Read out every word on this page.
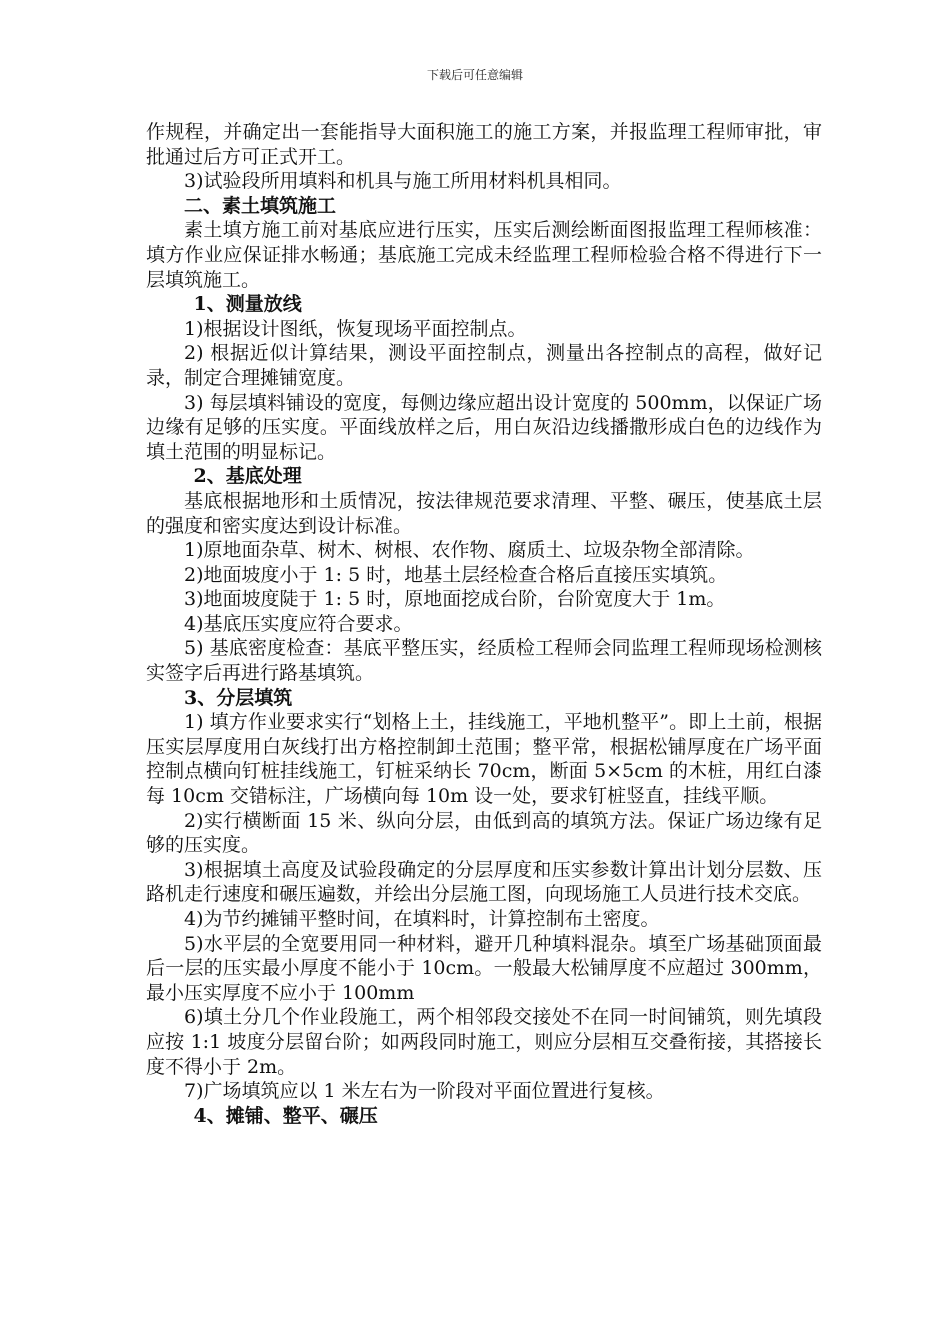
下载后可任意编辑

作规程，并确定出一套能指导大面积施工的施工方案，并报监理工程师审批，审批通过后方可正式开工。

3)试验段所用填料和机具与施工所用材料机具相同。

二、素土填筑施工

素土填方施工前对基底应进行压实，压实后测绘断面图报监理工程师核准：填方作业应保证排水畅通；基底施工完成未经监理工程师检验合格不得进行下一层填筑施工。

1、测量放线

1)根据设计图纸，恢复现场平面控制点。

2) 根据近似计算结果，测设平面控制点，测量出各控制点的高程，做好记录，制定合理摊铺宽度。

3) 每层填料铺设的宽度，每侧边缘应超出设计宽度的 500mm，以保证广场边缘有足够的压实度。平面线放样之后，用白灰沿边线播撒形成白色的边线作为填土范围的明显标记。

2、基底处理

基底根据地形和土质情况，按法律规范要求清理、平整、碾压，使基底土层的强度和密实度达到设计标准。

1)原地面杂草、树木、树根、农作物、腐质土、垃圾杂物全部清除。

2)地面坡度小于 1: 5 时，地基土层经检查合格后直接压实填筑。

3)地面坡度陡于 1: 5 时，原地面挖成台阶，台阶宽度大于 1m。

4)基底压实度应符合要求。

5) 基底密度检查：基底平整压实，经质检工程师会同监理工程师现场检测核实签字后再进行路基填筑。

3、分层填筑

1) 填方作业要求实行“划格上土，挂线施工，平地机整平”。即上土前，根据压实层厚度用白灰线打出方格控制卸土范围；整平常，根据松铺厚度在广场平面控制点横向钉桩挂线施工，钉桩采纳长 70cm，断面 5×5cm 的木桩，用红白漆每 10cm 交错标注，广场横向每 10m 设一处，要求钉桩竖直，挂线平顺。

2)实行横断面 15 米、纵向分层，由低到高的填筑方法。保证广场边缘有足够的压实度。

3)根据填土高度及试验段确定的分层厚度和压实参数计算出计划分层数、压路机走行速度和碾压遍数，并绘出分层施工图，向现场施工人员进行技术交底。

4)为节约摊铺平整时间，在填料时，计算控制布土密度。

5)水平层的全宽要用同一种材料，避开几种填料混杂。填至广场基础顶面最后一层的压实最小厚度不能小于 10cm。一般最大松铺厚度不应超过 300mm，最小压实厚度不应小于 100mm

6)填土分几个作业段施工，两个相邻段交接处不在同一时间铺筑，则先填段应按 1:1 坡度分层留台阶；如两段同时施工，则应分层相互交叠衔接，其搭接长度不得小于 2m。

7)广场填筑应以 1 米左右为一阶段对平面位置进行复核。

4、摊铺、整平、碾压
